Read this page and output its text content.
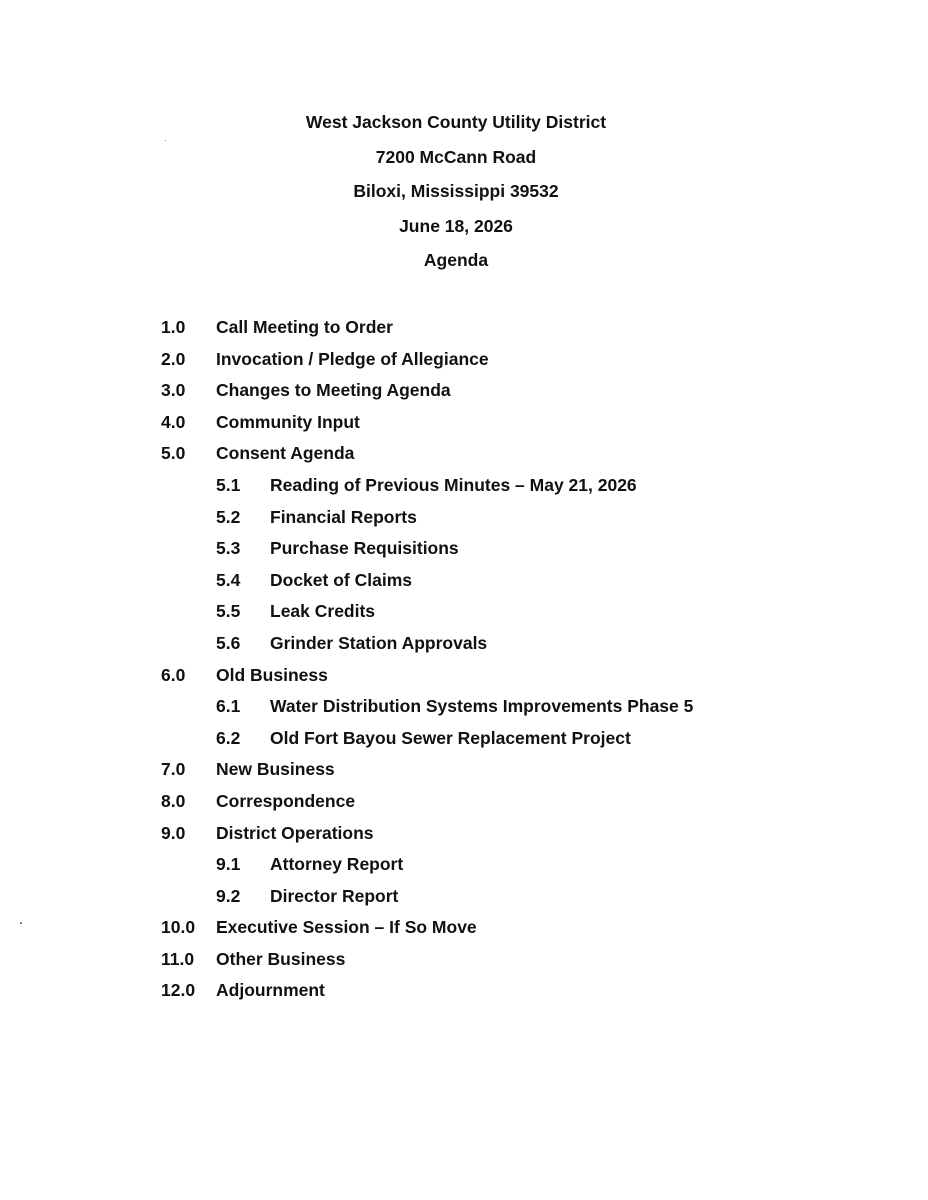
West Jackson County Utility District
7200 McCann Road
Biloxi, Mississippi 39532
June 18, 2026
Agenda
1.0 Call Meeting to Order
2.0 Invocation / Pledge of Allegiance
3.0 Changes to Meeting Agenda
4.0 Community Input
5.0 Consent Agenda
5.1 Reading of Previous Minutes – May 21, 2026
5.2 Financial Reports
5.3 Purchase Requisitions
5.4 Docket of Claims
5.5 Leak Credits
5.6 Grinder Station Approvals
6.0 Old Business
6.1 Water Distribution Systems Improvements Phase 5
6.2 Old Fort Bayou Sewer Replacement Project
7.0 New Business
8.0 Correspondence
9.0 District Operations
9.1 Attorney Report
9.2 Director Report
10.0 Executive Session – If So Move
11.0 Other Business
12.0 Adjournment
